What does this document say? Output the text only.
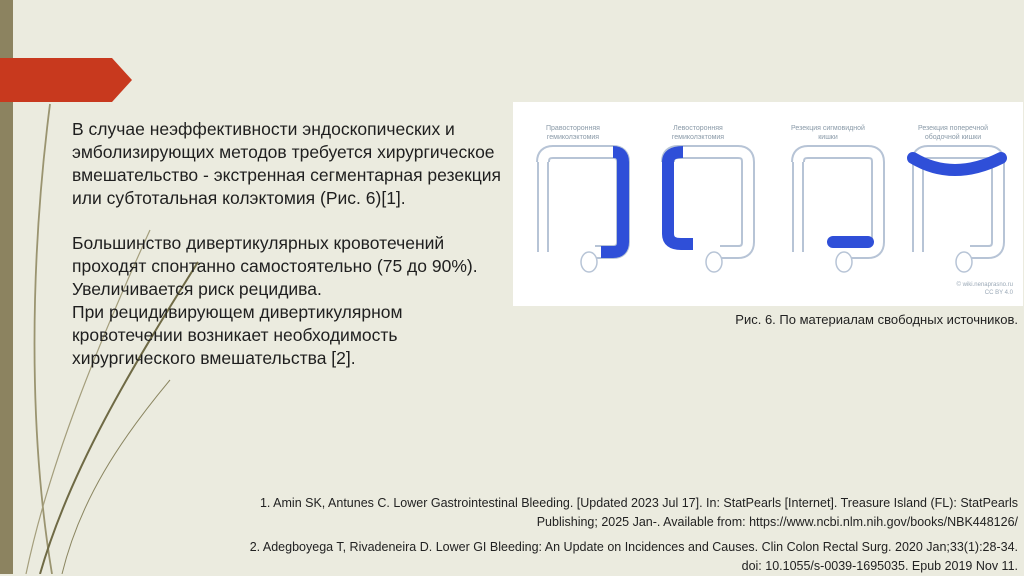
В случае неэффективности эндоскопических и эмболизирующих методов требуется хирургическое вмешательство - экстренная сегментарная резекция или субтотальная колэктомия (Рис. 6)[1].

Большинство дивертикулярных кровотечений проходят спонтанно самостоятельно (75 до 90%). Увеличивается риск рецидива.

При рецидивирующем дивертикулярном кровотечении возникает необходимость хирургического вмешательства [2].

Правосторонняя
гемиколэктомия
Левосторонняя
гемиколэктомия
Резекция сигмовидной
кишки
Резекция поперечной
ободочной кишки
© wiki.nenaprasno.ru
CC BY 4.0
Рис. 6. По материалам свободных источников.

1. Amin SK, Antunes C. Lower Gastrointestinal Bleeding. [Updated 2023 Jul 17]. In: StatPearls [Internet]. Treasure Island (FL): StatPearls Publishing; 2025 Jan-. Available from: https://www.ncbi.nlm.nih.gov/books/NBK448126/

2. Adegboyega T, Rivadeneira D. Lower GI Bleeding: An Update on Incidences and Causes. Clin Colon Rectal Surg. 2020 Jan;33(1):28-34. doi: 10.1055/s-0039-1695035. Epub 2019 Nov 11.
